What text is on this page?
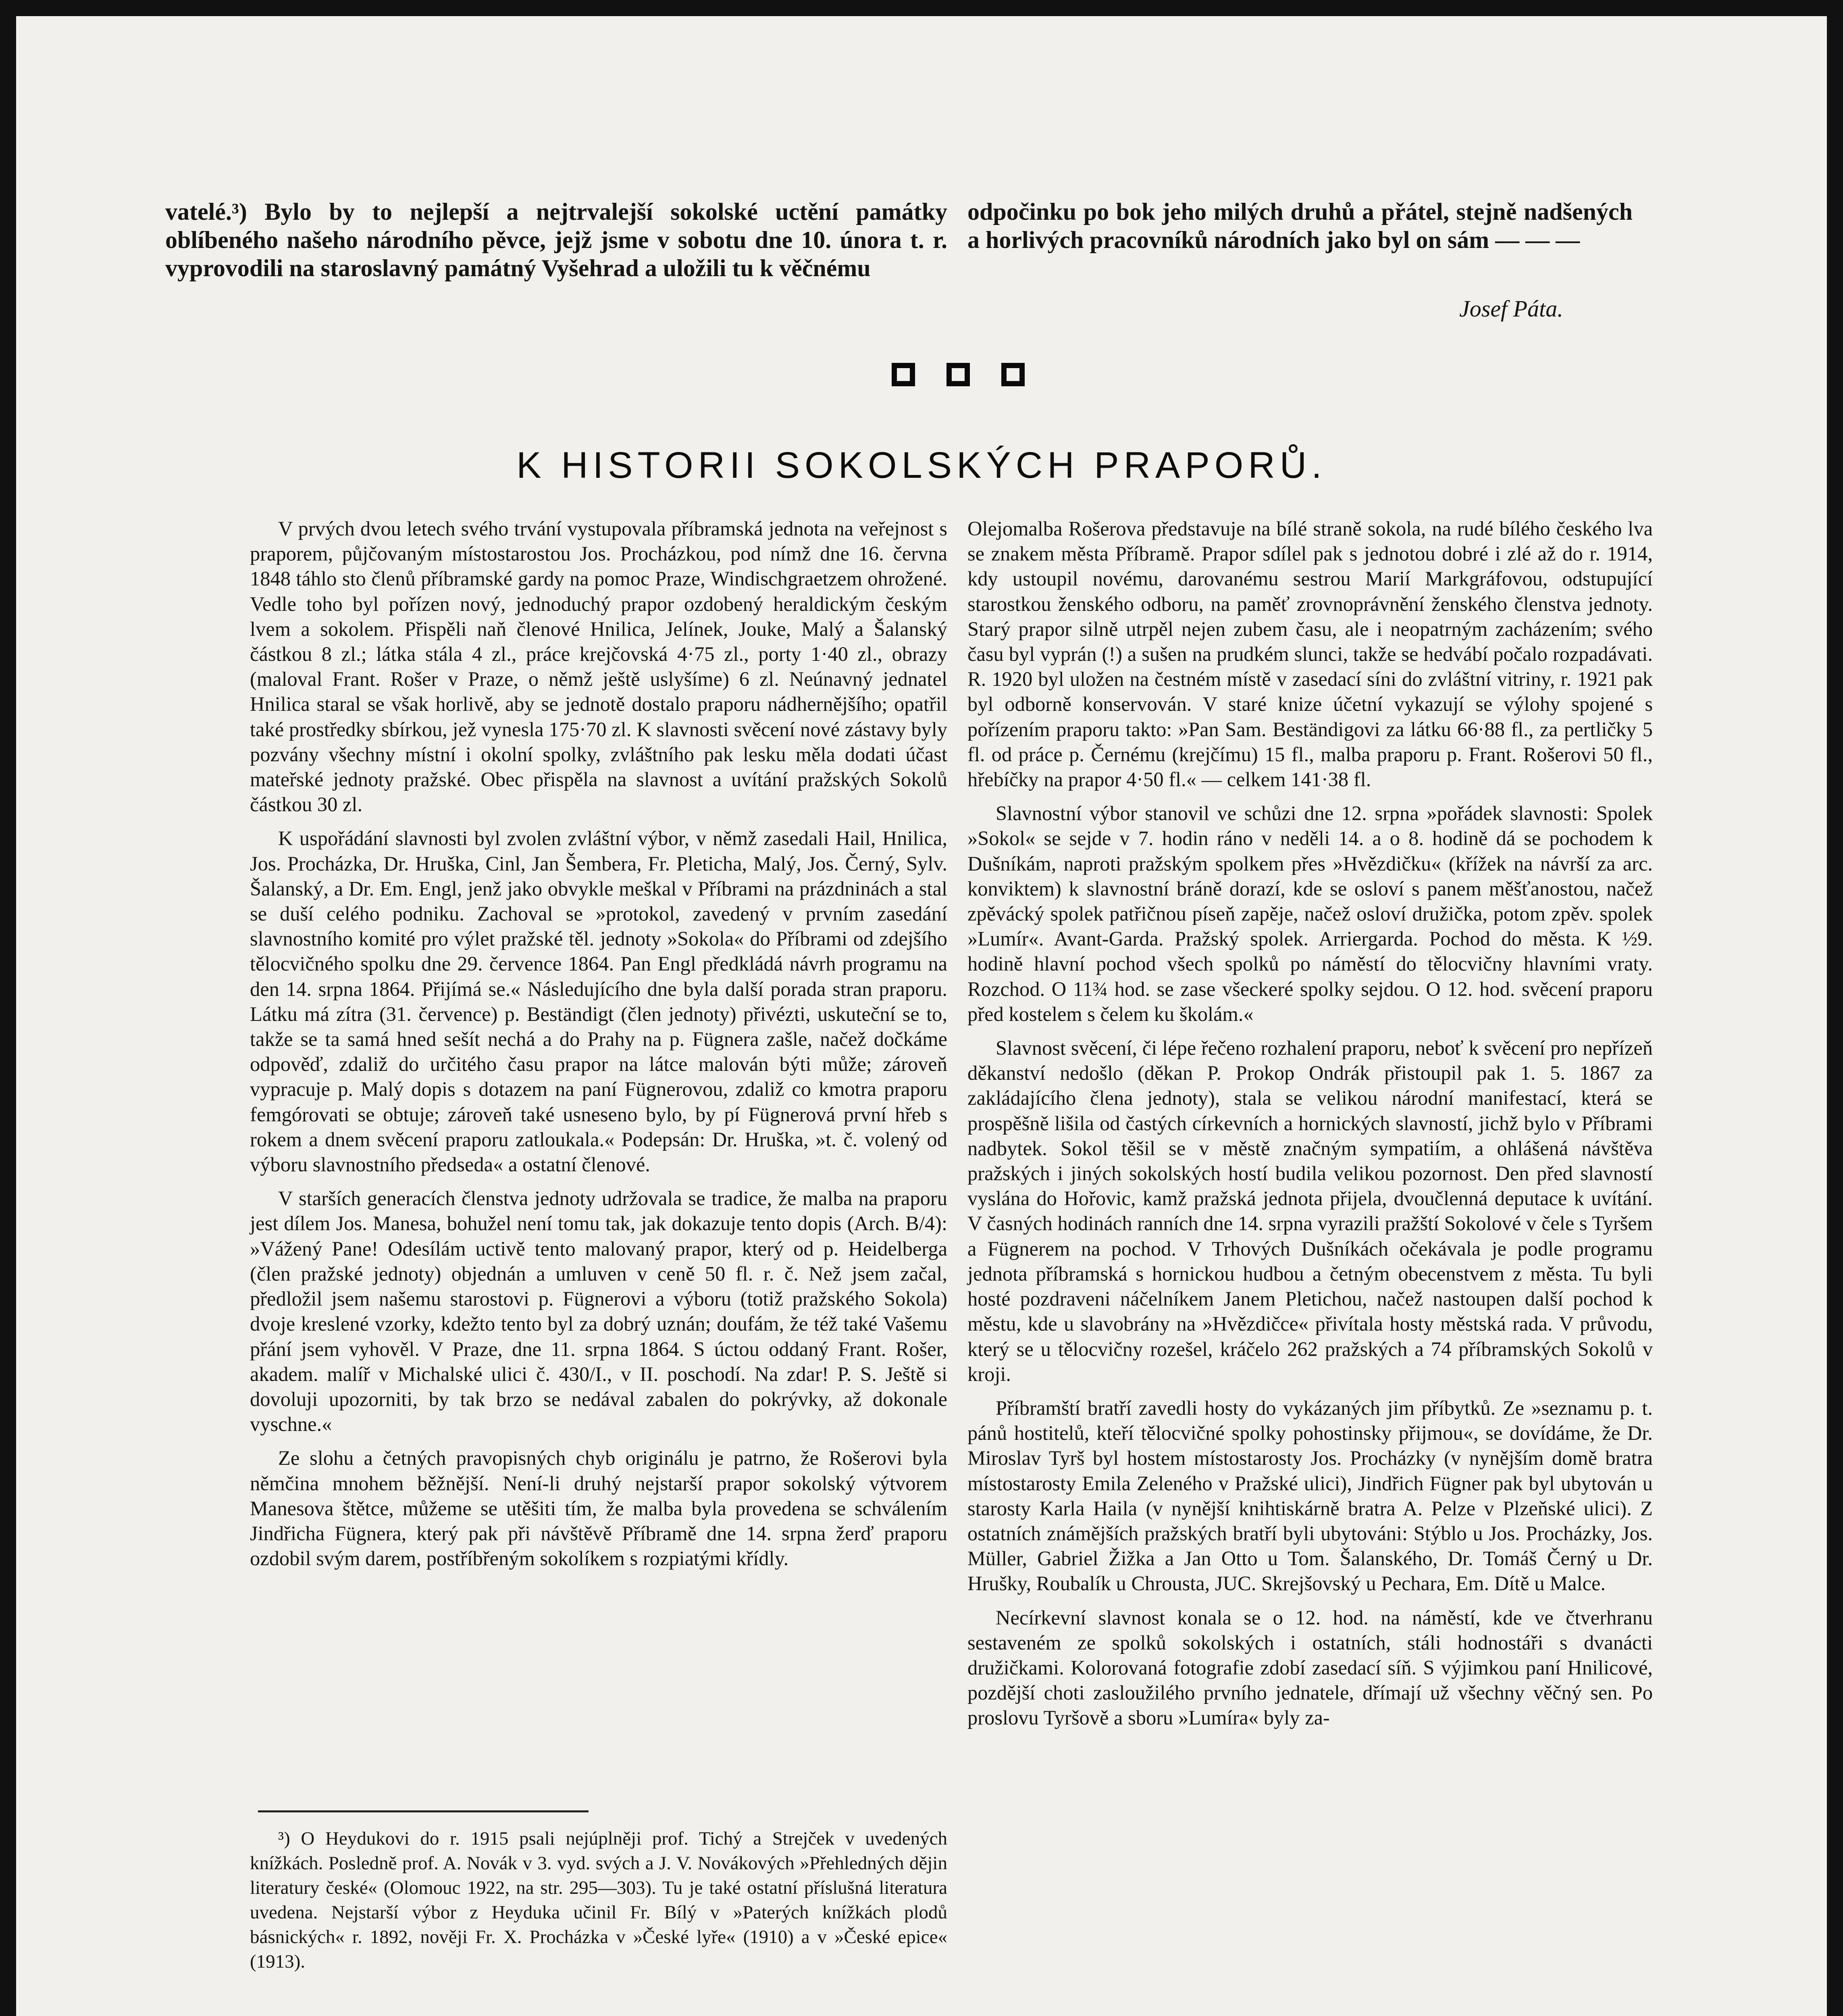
vatelé.³) Bylo by to nejlepší a nejtrvalejší sokolské uctění památky oblíbeného našeho národního pěvce, jejž jsme v sobotu dne 10. února t. r. vyprovodili na staroslavný památný Vyšehrad a uložili tu k věčnému

odpočinku po bok jeho milých druhů a přátel, stejně nadšených a horlivých pracovníků národních jako byl on sám — — —

Josef Páta.
K HISTORII SOKOLSKÝCH PRAPORŮ.

V prvých dvou letech svého trvání vystupovala příbramská jednota na veřejnost s praporem, půjčovaným místostarostou Jos. Procházkou, pod nímž dne 16. června 1848 táhlo sto členů příbramské gardy na pomoc Praze, Windischgraetzem ohrožené. Vedle toho byl pořízen nový, jednoduchý prapor ozdobený heraldickým českým lvem a sokolem. Přispěli naň členové Hnilica, Jelínek, Jouke, Malý a Šalanský částkou 8 zl.; látka stála 4 zl., práce krejčovská 4·75 zl., porty 1·40 zl., obrazy (maloval Frant. Rošer v Praze, o němž ještě uslyšíme) 6 zl. Neúnavný jednatel Hnilica staral se však horlivě, aby se jednotě dostalo praporu nádhernějšího; opatřil také prostředky sbírkou, jež vynesla 175·70 zl. K slavnosti svěcení nové zástavy byly pozvány všechny místní i okolní spolky, zvláštního pak lesku měla dodati účast mateřské jednoty pražské. Obec přispěla na slavnost a uvítání pražských Sokolů částkou 30 zl.

K uspořádání slavnosti byl zvolen zvláštní výbor, v němž zasedali Hail, Hnilica, Jos. Procházka, Dr. Hruška, Cinl, Jan Šembera, Fr. Pleticha, Malý, Jos. Černý, Sylv. Šalanský, a Dr. Em. Engl, jenž jako obvykle meškal v Příbrami na prázdninách a stal se duší celého podniku. Zachoval se »protokol, zavedený v prvním zasedání slavnostního komité pro výlet pražské těl. jednoty »Sokola« do Příbrami od zdejšího tělocvičného spolku dne 29. července 1864. Pan Engl předkládá návrh programu na den 14. srpna 1864. Přijímá se.« Následujícího dne byla další porada stran praporu. Látku má zítra (31. července) p. Beständigt (člen jednoty) přivézti, uskuteční se to, takže se ta samá hned sešít nechá a do Prahy na p. Fügnera zašle, načež dočkáme odpověď, zdaliž do určitého času prapor na látce malován býti může; zároveň vypracuje p. Malý dopis s dotazem na paní Fügnerovou, zdaliž co kmotra praporu femgórovati se obtuje; zároveň také usneseno bylo, by pí Fügnerová první hřeb s rokem a dnem svěcení praporu zatloukala.« Podepsán: Dr. Hruška, »t. č. volený od výboru slavnostního předseda« a ostatní členové.

V starších generacích členstva jednoty udržovala se tradice, že malba na praporu jest dílem Jos. Manesa, bohužel není tomu tak, jak dokazuje tento dopis (Arch. B/4): »Vážený Pane! Odesílám uctivě tento malovaný prapor, který od p. Heidelberga (člen pražské jednoty) objednán a umluven v ceně 50 fl. r. č. Než jsem začal, předložil jsem našemu starostovi p. Fügnerovi a výboru (totiž pražského Sokola) dvoje kreslené vzorky, kdežto tento byl za dobrý uznán; doufám, že též také Vašemu přání jsem vyhověl. V Praze, dne 11. srpna 1864. S úctou oddaný Frant. Rošer, akadem. malíř v Michalské ulici č. 430/I., v II. poschodí. Na zdar! P. S. Ještě si dovoluji upozorniti, by tak brzo se nedával zabalen do pokrývky, až dokonale vyschne.«

Ze slohu a četných pravopisných chyb originálu je patrno, že Rošerovi byla němčina mnohem běžnější. Není-li druhý nejstarší prapor sokolský výtvorem Manesova štětce, můžeme se utěšiti tím, že malba byla provedena se schválením Jindřicha Fügnera, který pak při návštěvě Příbramě dne 14. srpna žerď praporu ozdobil svým darem, postříbřeným sokolíkem s rozpiatými křídly.

³) O Heydukovi do r. 1915 psali nejúplněji prof. Tichý a Strejček v uvedených knížkách. Posledně prof. A. Novák v 3. vyd. svých a J. V. Novákových »Přehledných dějin literatury české« (Olomouc 1922, na str. 295—303). Tu je také ostatní příslušná literatura uvedena. Nejstarší výbor z Heyduka učinil Fr. Bílý v »Paterých knížkách plodů básnických« r. 1892, nověji Fr. X. Procházka v »České lyře« (1910) a v »České epice« (1913).

Olejomalba Rošerova představuje na bílé straně sokola, na rudé bílého českého lva se znakem města Příbramě. Prapor sdílel pak s jednotou dobré i zlé až do r. 1914, kdy ustoupil novému, darovanému sestrou Marií Markgráfovou, odstupující starostkou ženského odboru, na paměť zrovnoprávnění ženského členstva jednoty. Starý prapor silně utrpěl nejen zubem času, ale i neopatrným zacházením; svého času byl vyprán (!) a sušen na prudkém slunci, takže se hedvábí počalo rozpadávati. R. 1920 byl uložen na čestném místě v zasedací síni do zvláštní vitriny, r. 1921 pak byl odborně konservován. V staré knize účetní vykazují se výlohy spojené s pořízením praporu takto: »Pan Sam. Beständigovi za látku 66·88 fl., za pertličky 5 fl. od práce p. Černému (krejčímu) 15 fl., malba praporu p. Frant. Rošerovi 50 fl., hřebíčky na prapor 4·50 fl.« — celkem 141·38 fl.

Slavnostní výbor stanovil ve schůzi dne 12. srpna »pořádek slavnosti: Spolek »Sokol« se sejde v 7. hodin ráno v neděli 14. a o 8. hodině dá se pochodem k Dušníkám, naproti pražským spolkem přes »Hvězdičku« (křížek na návrší za arc. konviktem) k slavnostní bráně dorazí, kde se osloví s panem měšťanostou, načež zpěvácký spolek patřičnou píseň zapěje, načež osloví družička, potom zpěv. spolek »Lumír«. Avant-Garda. Pražský spolek. Arriergarda. Pochod do města. K ½9. hodině hlavní pochod všech spolků po náměstí do tělocvičny hlavními vraty. Rozchod. O 11¾ hod. se zase všeckeré spolky sejdou. O 12. hod. svěcení praporu před kostelem s čelem ku školám.«

Slavnost svěcení, či lépe řečeno rozhalení praporu, neboť k svěcení pro nepřízeň děkanství nedošlo (děkan P. Prokop Ondrák přistoupil pak 1. 5. 1867 za zakládajícího člena jednoty), stala se velikou národní manifestací, která se prospěšně lišila od častých církevních a hornických slavností, jichž bylo v Příbrami nadbytek. Sokol těšil se v městě značným sympatiím, a ohlášená návštěva pražských i jiných sokolských hostí budila velikou pozornost. Den před slavností vyslána do Hořovic, kamž pražská jednota přijela, dvoučlenná deputace k uvítání. V časných hodinách ranních dne 14. srpna vyrazili pražští Sokolové v čele s Tyršem a Fügnerem na pochod. V Trhových Dušníkách očekávala je podle programu jednota příbramská s hornickou hudbou a četným obecenstvem z města. Tu byli hosté pozdraveni náčelníkem Janem Pletichou, načež nastoupen další pochod k městu, kde u slavobrány na »Hvězdičce« přivítala hosty městská rada. V průvodu, který se u tělocvičny rozešel, kráčelo 262 pražských a 74 příbramských Sokolů v kroji.

Příbramští bratří zavedli hosty do vykázaných jim příbytků. Ze »seznamu p. t. pánů hostitelů, kteří tělocvičné spolky pohostinsky přijmou«, se dovídáme, že Dr. Miroslav Tyrš byl hostem místostarosty Jos. Procházky (v nynějším domě bratra místostarosty Emila Zeleného v Pražské ulici), Jindřich Fügner pak byl ubytován u starosty Karla Haila (v nynější knihtiskárně bratra A. Pelze v Plzeňské ulici). Z ostatních známějších pražských bratří byli ubytováni: Stýblo u Jos. Procházky, Jos. Müller, Gabriel Žižka a Jan Otto u Tom. Šalanského, Dr. Tomáš Černý u Dr. Hrušky, Roubalík u Chrousta, JUC. Skrejšovský u Pechara, Em. Dítě u Malce.

Necírkevní slavnost konala se o 12. hod. na náměstí, kde ve čtverhranu sestaveném ze spolků sokolských i ostatních, stáli hodnostáři s dvanácti družičkami. Kolorovaná fotografie zdobí zasedací síň. S výjimkou paní Hnilicové, pozdější choti zasloužilého prvního jednatele, dřímají už všechny věčný sen. Po proslovu Tyršově a sboru »Lumíra« byly za-
